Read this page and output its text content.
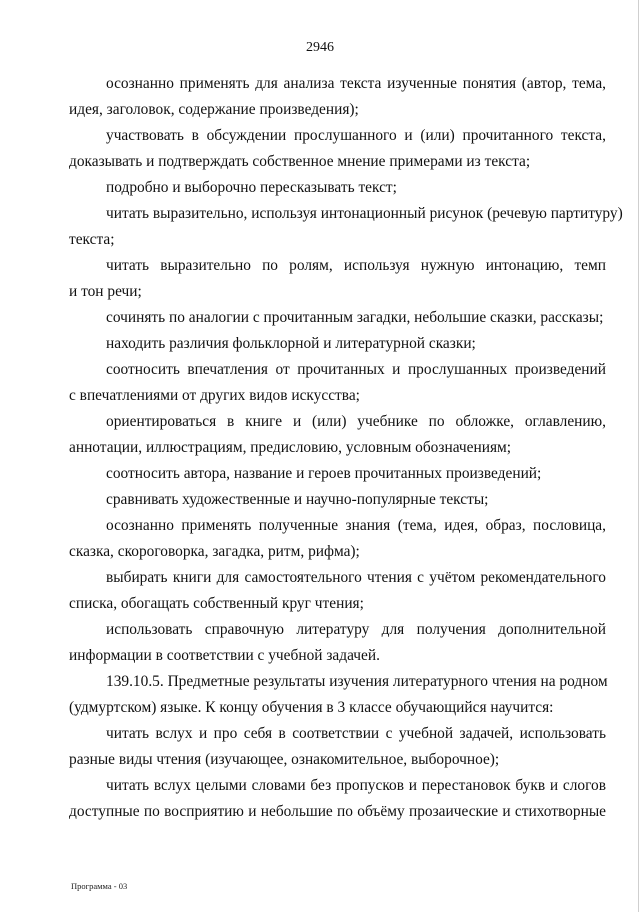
2946
осознанно применять для анализа текста изученные понятия (автор, тема,
идея, заголовок, содержание произведения);
участвовать в обсуждении прослушанного и (или) прочитанного текста,
доказывать и подтверждать собственное мнение примерами из текста;
подробно и выборочно пересказывать текст;
читать выразительно, используя интонационный рисунок (речевую партитуру)
текста;
читать выразительно по ролям, используя нужную интонацию, темп
и тон речи;
сочинять по аналогии с прочитанным загадки, небольшие сказки, рассказы;
находить различия фольклорной и литературной сказки;
соотносить впечатления от прочитанных и прослушанных произведений
с впечатлениями от других видов искусства;
ориентироваться в книге и (или) учебнике по обложке, оглавлению,
аннотации, иллюстрациям, предисловию, условным обозначениям;
соотносить автора, название и героев прочитанных произведений;
сравнивать художественные и научно-популярные тексты;
осознанно применять полученные знания (тема, идея, образ, пословица,
сказка, скороговорка, загадка, ритм, рифма);
выбирать книги для самостоятельного чтения с учётом рекомендательного
списка, обогащать собственный круг чтения;
использовать справочную литературу для получения дополнительной
информации в соответствии с учебной задачей.
139.10.5. Предметные результаты изучения литературного чтения на родном
(удмуртском) языке. К концу обучения в 3 классе обучающийся научится:
читать вслух и про себя в соответствии с учебной задачей, использовать
разные виды чтения (изучающее, ознакомительное, выборочное);
читать вслух целыми словами без пропусков и перестановок букв и слогов
доступные по восприятию и небольшие по объёму прозаические и стихотворные
Программа - 03
